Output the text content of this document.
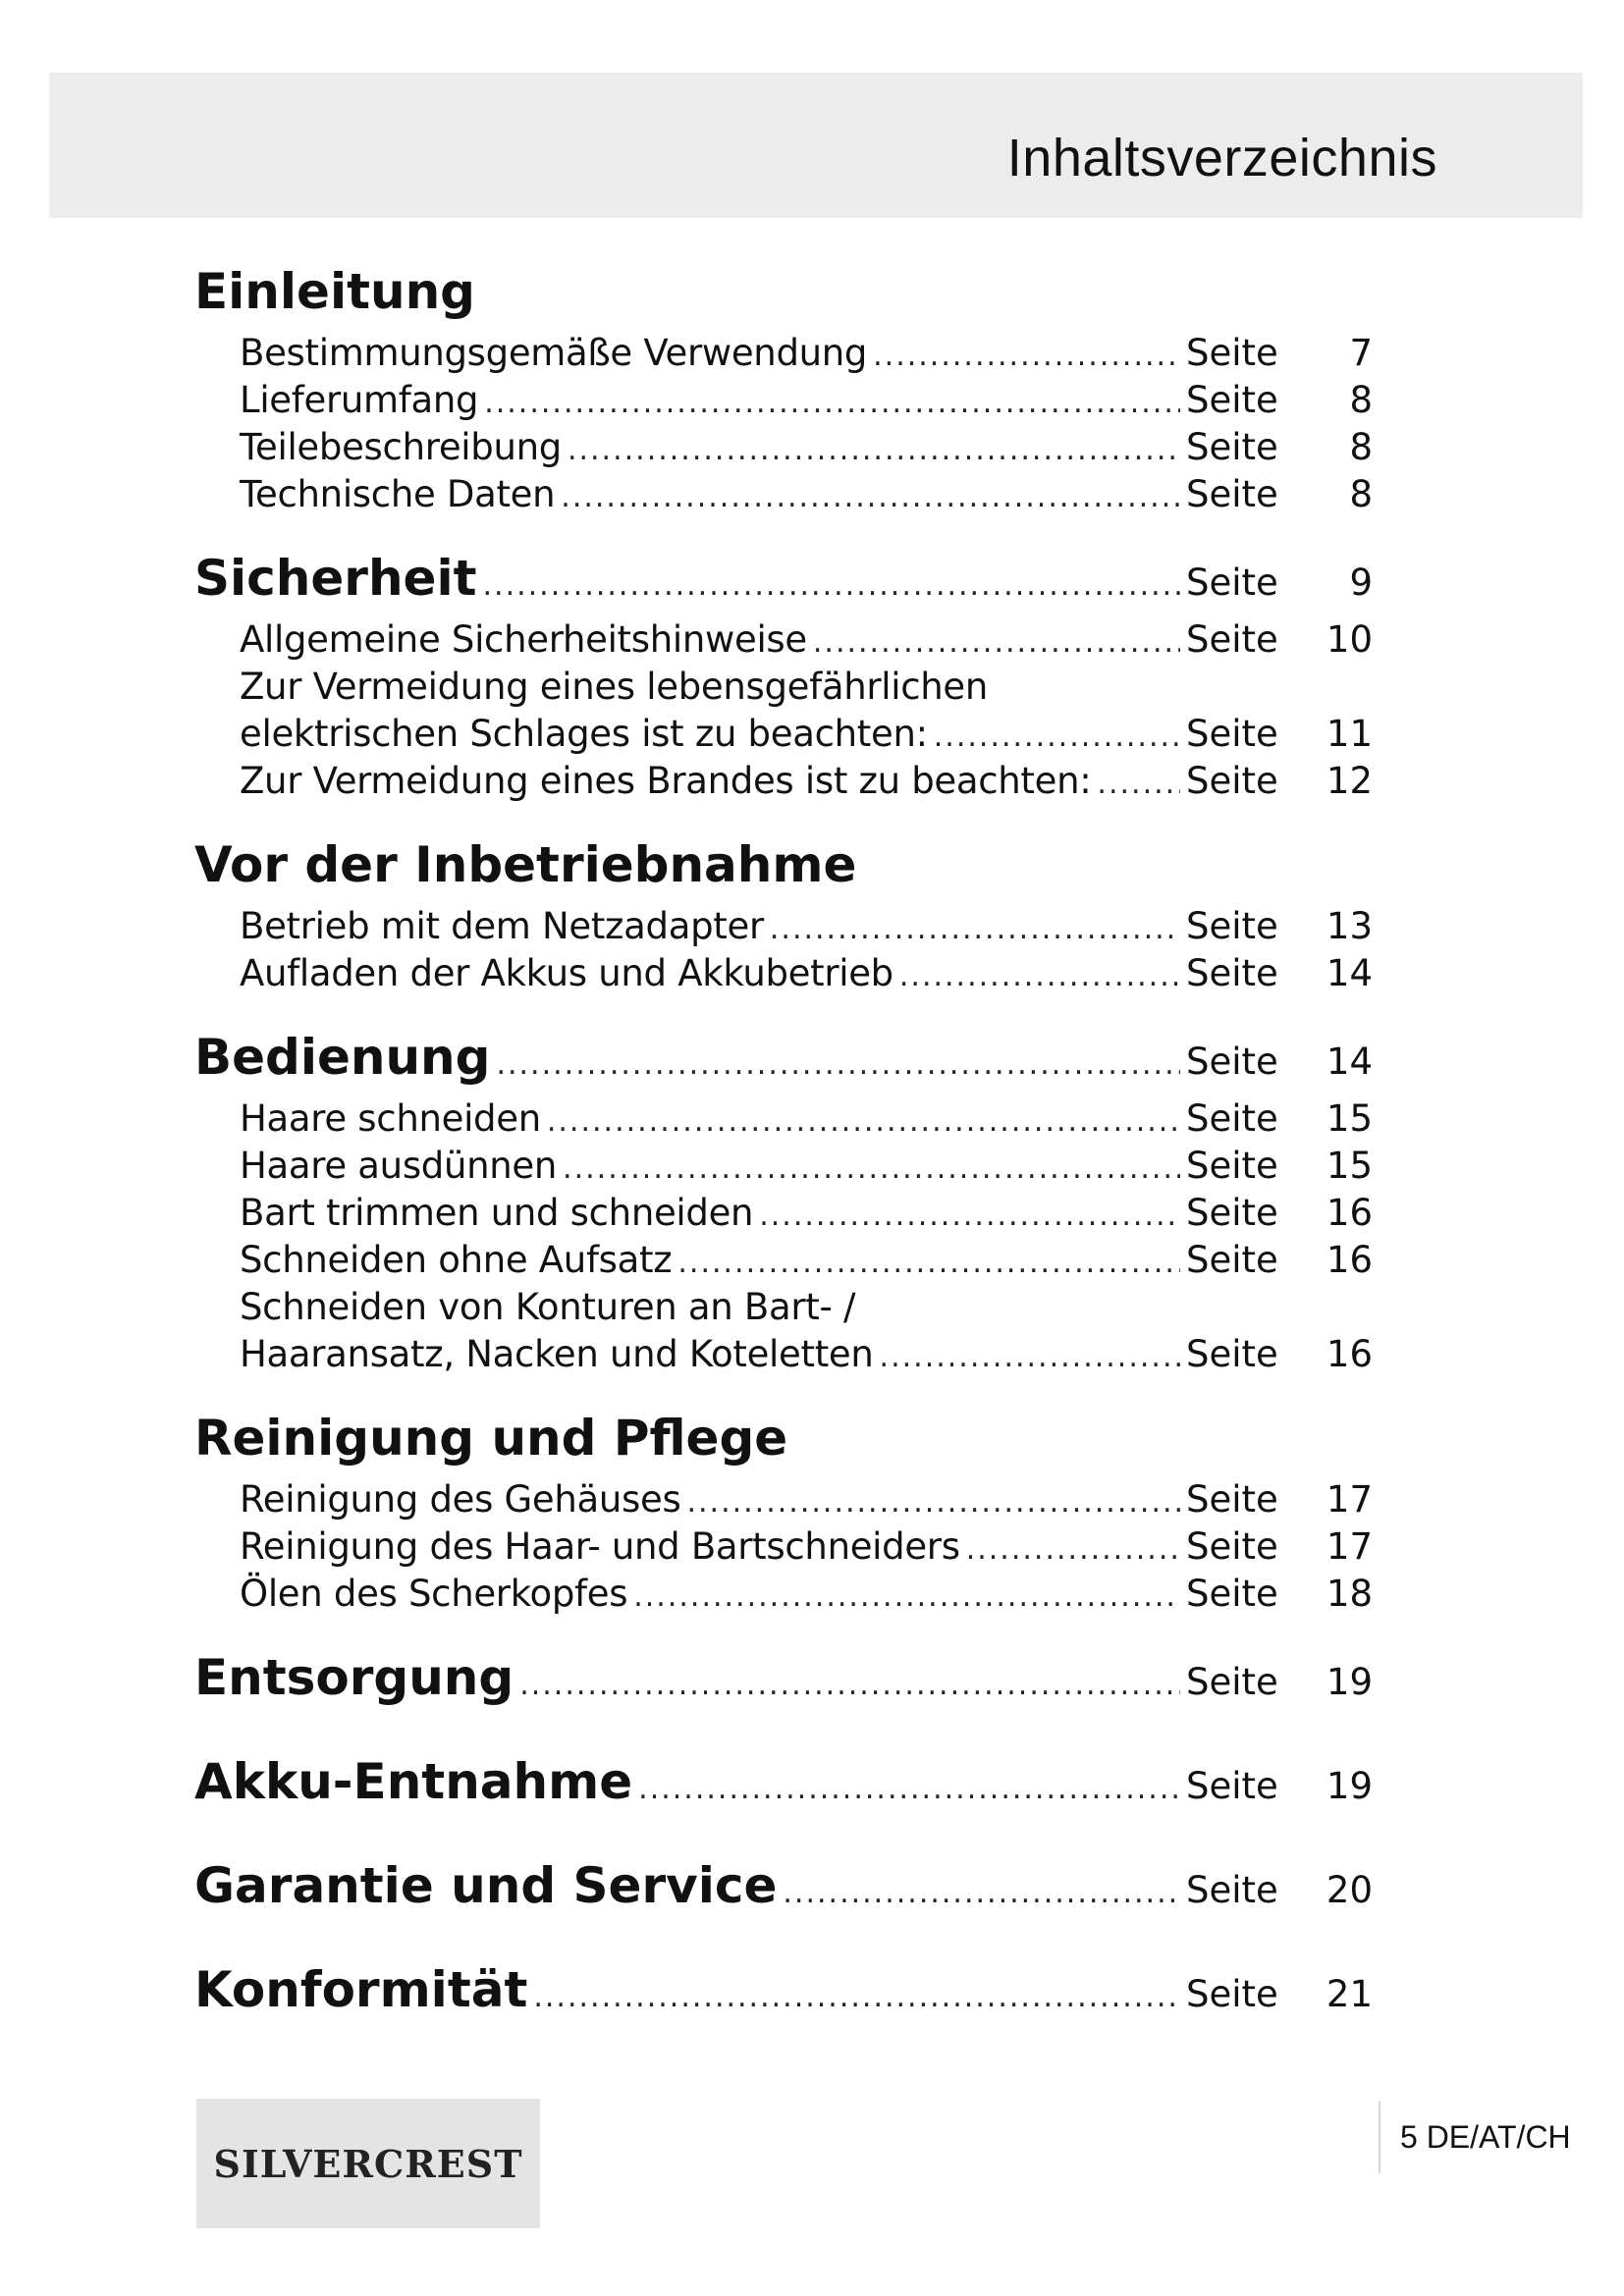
Inhaltsverzeichnis
Einleitung
Bestimmungsgemäße Verwendung .....	Seite	7
Lieferumfang .....	Seite	8
Teilebeschreibung .....	Seite	8
Technische Daten .....	Seite	8
Sicherheit .....	Seite	9
Allgemeine Sicherheitshinweise .....	Seite	10
Zur Vermeidung eines lebensgefährlichen
elektrischen Schlages ist zu beachten: .....	Seite	11
Zur Vermeidung eines Brandes ist zu beachten: .....	Seite	12
Vor der Inbetriebnahme
Betrieb mit dem Netzadapter .....	Seite	13
Aufladen der Akkus und Akkubetrieb .....	Seite	14
Bedienung .....	Seite	14
Haare schneiden .....	Seite	15
Haare ausdünnen .....	Seite	15
Bart trimmen und schneiden .....	Seite	16
Schneiden ohne Aufsatz .....	Seite	16
Schneiden von Konturen an Bart- /
Haaransatz, Nacken und Koteletten .....	Seite	16
Reinigung und Pflege
Reinigung des Gehäuses .....	Seite	17
Reinigung des Haar- und Bartschneiders .....	Seite	17
Ölen des Scherkopfes .....	Seite	18
Entsorgung .....	Seite	19
Akku-Entnahme .....	Seite	19
Garantie und Service .....	Seite	20
Konformität .....	Seite	21
SILVERCREST
5 DE/AT/CH
